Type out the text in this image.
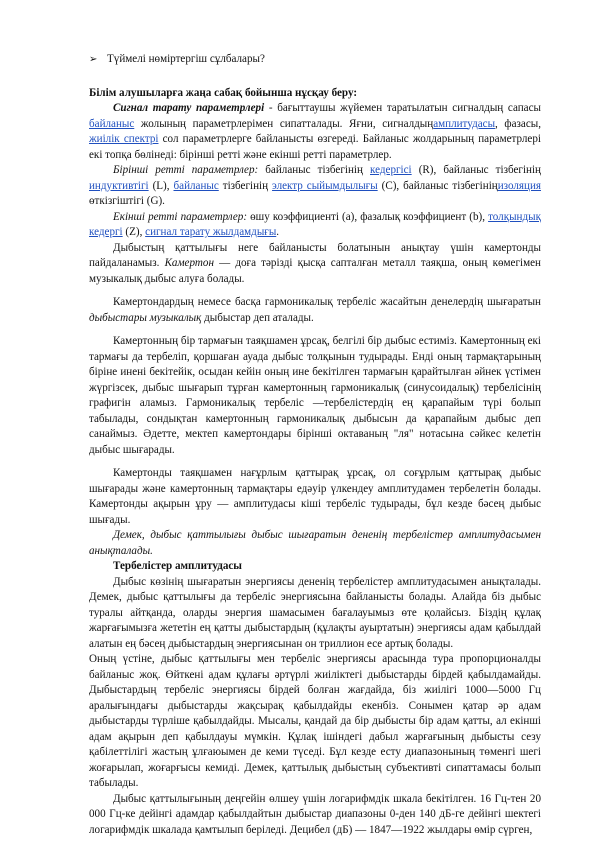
➢ Түймелі нөміртергіш сұлбалары?

Білім алушыларға жаңа сабақ бойынша нұсқау беру:

Сигнал тарату параметрлері - бағыттаушы жүйемен таратылатын сигналдың сапасы байланыс жолының параметрлерімен сипатталады. Яғни, сигналдыңамплитудасы, фазасы, жиілік спектрі сол параметрлерге байланысты өзгереді. Байланыс жолдарының параметрлері екі топқа бөлінеді: бірінші ретті және екінші ретті параметрлер.

Бірінші ретті параметрлер: байланыс тізбегінің кедергісі (R), байланыс тізбегінің индуктивтігі (L), байланыс тізбегінің электр сыйымдылығы (C), байланыс тізбегініңизоляция өткізгіштігі (G).

Екінші ретті параметрлер: өшу коэффициенті (a), фазалық коэффициент (b), толқындық кедергі (Z), сигнал тарату жылдамдығы.

Дыбыстың қаттылығы неге байланысты болатынын анықтау үшін камертонды пайдаланамыз. Камертон — доға тәрізді қысқа сапталған металл таяқша, оның көмегімен музыкалық дыбыс алуға болады.

Камертондардың немесе басқа гармоникалық тербеліс жасайтын денелердің шығаратын дыбыстары музыкалық дыбыстар деп аталады.

Камертонның бір тармағын таяқшамен ұрсақ, белгілі бір дыбыс естиміз. Камертонның екі тармағы да тербеліп, қоршаған ауада дыбыс толқынын тудырады. Енді оның тармақтарының біріне инені бекітейік, осыдан кейін оның ине бекітілген тармағын қарайтылған әйнек үстімен жүргізсек, дыбыс шығарып тұрған камертонның гармоникалық (синусоидалық) тербелісінің графигін аламыз. Гармоникалық тербеліс —тербелістердің ең қарапайым түрі болып табылады, сондықтан камертонның гармоникалық дыбысын да қарапайым дыбыс деп санаймыз. Әдетте, мектеп камертондары бірінші октаваның "ля" нотасына сәйкес келетін дыбыс шығарады.

Камертонды таяқшамен нағұрлым қаттырақ ұрсақ, ол соғұрлым қаттырақ дыбыс шығарады және камертонның тармақтары едәуір үлкендеу амплитудамен тербелетін болады. Камертонды ақырын ұру — амплитудасы кіші тербеліс тудырады, бұл кезде бәсең дыбыс шығады.

Демек, дыбыс қаттылығы дыбыс шығаратын дененің тербелістер амплитудасымен анықталады.

Тербелістер амплитудасы

Дыбыс көзінің шығаратын энергиясы дененің тербелістер амплитудасымен анықталады. Демек, дыбыс қаттылығы да тербеліс энергиясына байланысты болады. Алайда біз дыбыс туралы айтқанда, оларды энергия шамасымен бағалауымыз өте қолайсыз. Біздің құлақ жарғағымызға жететін ең қатты дыбыстардың (құлақты ауыртатын) энергиясы адам қабылдай алатын ең бәсең дыбыстардың энергиясынан он триллион есе артық болады.

Оның үстіне, дыбыс қаттылығы мен тербеліс энергиясы арасында тура пропорционалды байланыс жоқ. Өйткені адам құлағы әртүрлі жиіліктегі дыбыстарды бірдей қабылдамайды. Дыбыстардың тербеліс энергиясы бірдей болған жағдайда, біз жиілігі 1000—5000 Гц аралығындағы дыбыстарды жақсырақ қабылдайды екенбіз. Сонымен қатар әр адам дыбыстарды түрліше қабылдайды. Мысалы, қандай да бір дыбысты бір адам қатты, ал екінші адам ақырын деп қабылдауы мүмкін. Құлақ ішіндегі дабыл жарғағының дыбысты сезу қабілеттілігі жастың ұлғаюымен де кеми түседі. Бұл кезде есту диапазонының төменгі шегі жоғарылап, жоғарғысы кемиді. Демек, қаттылық дыбыстың субъективті сипаттамасы болып табылады.

Дыбыс қаттылығының деңгейін өлшеу үшін логарифмдік шкала бекітілген. 16 Гц-тен 20 000 Гц-ке дейінгі адамдар қабылдайтын дыбыстар диапазоны 0-ден 140 дБ-ге дейінгі шектегі логарифмдік шкалада қамтылып беріледі. Децибел (дБ) — 1847—1922 жылдары өмір сүрген,
